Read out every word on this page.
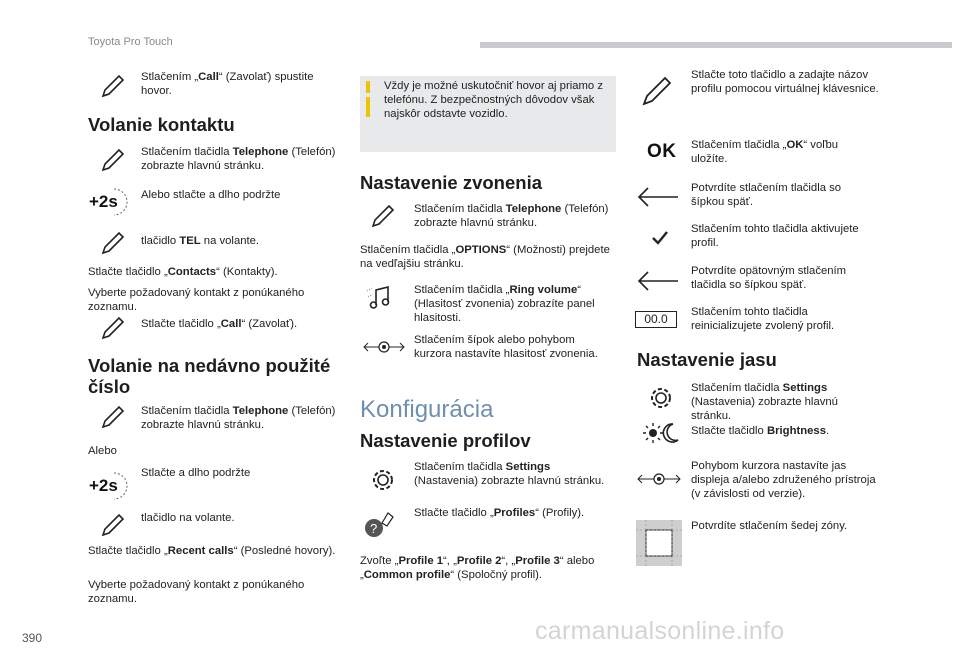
Toyota Pro Touch
Stlačením „Call“ (Zavolať) spustite hovor.
Volanie kontaktu
Stlačením tlačidla Telephone (Telefón) zobrazte hlavnú stránku.
Alebo stlačte a dlho podržte
+2s
tlačidlo TEL na volante.
Stlačte tlačidlo „Contacts“ (Kontakty).
Vyberte požadovaný kontakt z ponúkaného zoznamu.
Stlačte tlačidlo „Call“ (Zavolať).
Volanie na nedávno použité číslo
Stlačením tlačidla Telephone (Telefón) zobrazte hlavnú stránku.
Alebo
Stlačte a dlho podržte
+2s
tlačidlo na volante.
Stlačte tlačidlo „Recent calls“ (Posledné hovory).
Vyberte požadovaný kontakt z ponúkaného zoznamu.
Vždy je možné uskutočniť hovor aj priamo z telefónu. Z bezpečnostných dôvodov však najskôr odstavte vozidlo.
Nastavenie zvonenia
Stlačením tlačidla Telephone (Telefón) zobrazte hlavnú stránku.
Stlačením tlačidla „OPTIONS“ (Možnosti) prejdete na vedľajšiu stránku.
Stlačením tlačidla „Ring volume“ (Hlasitosť zvonenia) zobrazíte panel hlasitosti.
Stlačením šípok alebo pohybom kurzora nastavíte hlasitosť zvonenia.
Konfigurácia
Nastavenie profilov
Stlačením tlačidla Settings (Nastavenia) zobrazte hlavnú stránku.
?
Stlačte tlačidlo „Profiles“ (Profily).
Zvoľte „Profile 1“, „Profile 2“, „Profile 3“ alebo „Common profile“ (Spoločný profil).
Stlačte toto tlačidlo a zadajte názov profilu pomocou virtuálnej klávesnice.
OK Stlačením tlačidla „OK“ voľbu uložíte.
Potvrdíte stlačením tlačidla so šípkou späť.
Stlačením tohto tlačidla aktivujete profil.
Potvrdíte opätovným stlačením tlačidla so šípkou späť.
00.0	Stlačením tohto tlačidla reinicializujete zvolený profil.
Nastavenie jasu
Stlačením tlačidla Settings (Nastavenia) zobrazte hlavnú stránku.
Stlačte tlačidlo Brightness.
Pohybom kurzora nastavíte jas displeja a/alebo združeného prístroja (v závislosti od verzie).
Potvrdíte stlačením šedej zóny.
390	carmanualsonline.info
